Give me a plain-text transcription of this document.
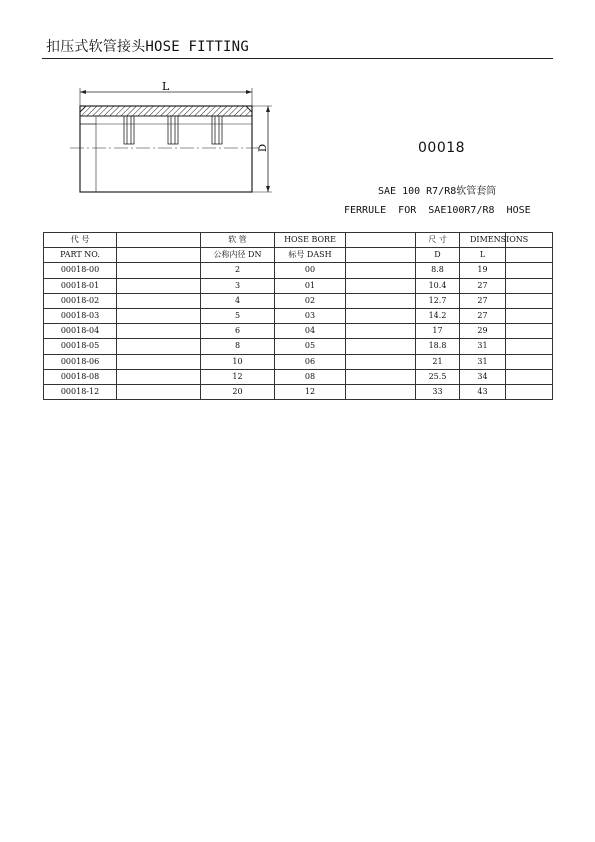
扣压式软管接头HOSE FITTING
L
D	00018
SAE 100 R7/R8软管套筒
FERRULE  FOR  SAE100R7/R8  HOSE
代 号		软 管	HOSE BORE		尺 寸	DIMENSIONS	
PART NO.		公称内径 DN	标号 DASH		D	L	
00018-00		2	00		8.8	19	
00018-01		3	01		10.4	27	
00018-02		4	02		12.7	27	
00018-03		5	03		14.2	27	
00018-04		6	04		17	29	
00018-05		8	05		18.8	31	
00018-06		10	06		21	31	
00018-08		12	08		25.5	34	
00018-12		20	12		33	43	
